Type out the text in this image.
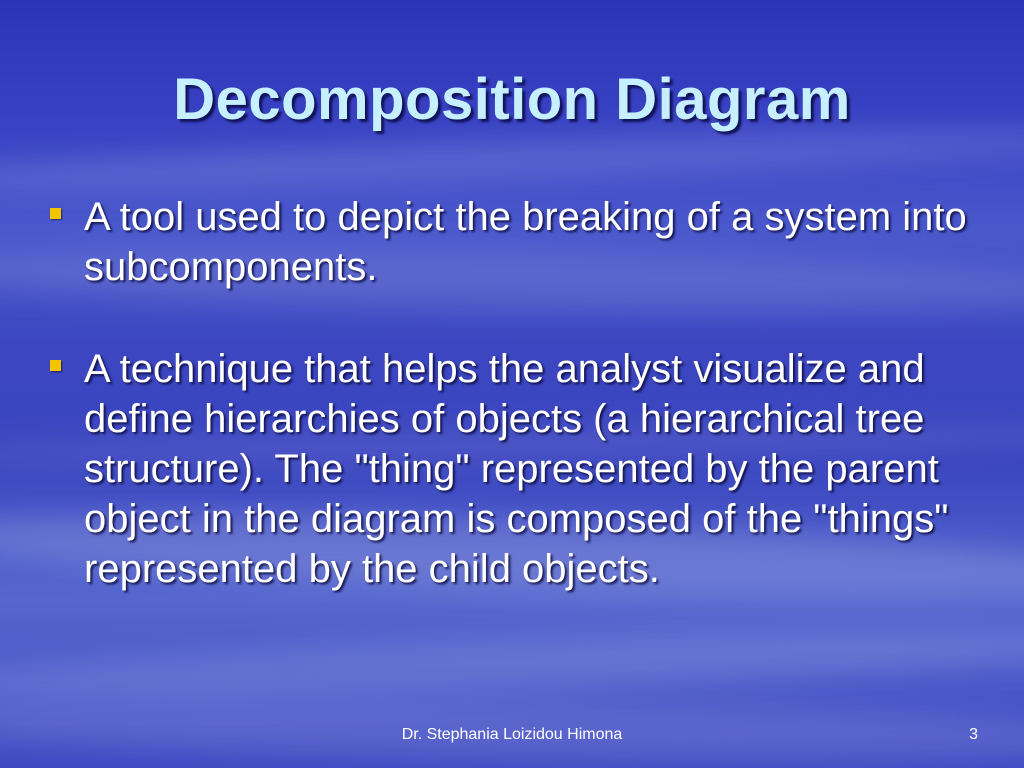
Decomposition Diagram
A tool used to depict the breaking of a system into subcomponents.
A technique that helps the analyst visualize and define hierarchies of objects (a hierarchical tree structure). The "thing" represented by the parent object in the diagram is composed of the "things" represented by the child objects.
Dr. Stephania Loizidou Himona	3
